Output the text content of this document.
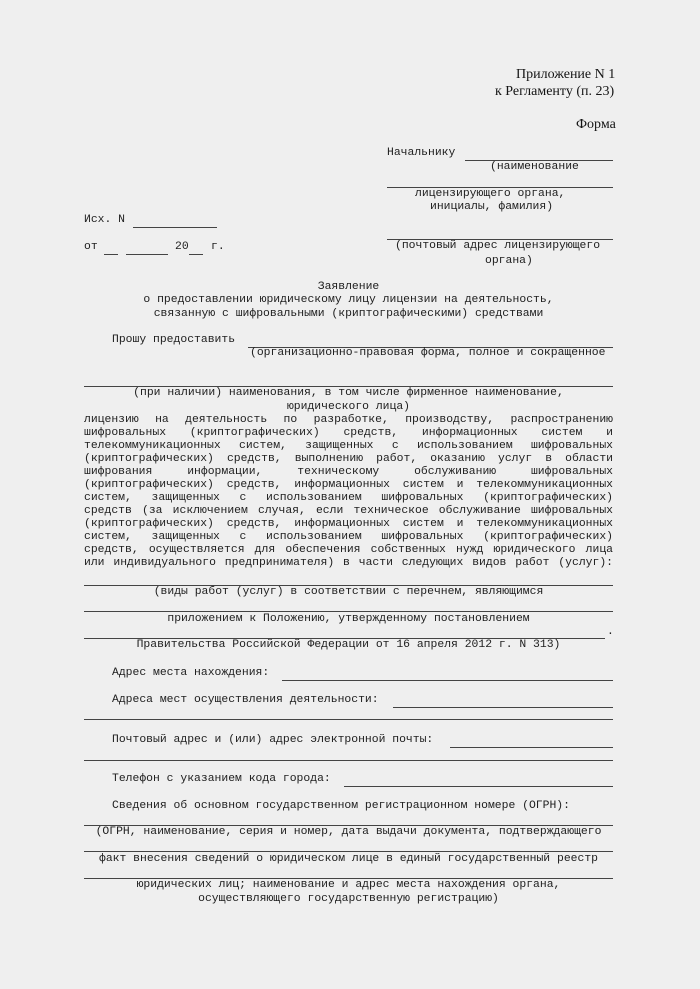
Приложение N 1
к Регламенту (п. 23)
Форма
Начальнику
(наименование
лицензирующего органа,
инициалы, фамилия)
(почтовый адрес лицензирующего
органа)
Исх. N
от	20 г.
Заявление
о предоставлении юридическому лицу лицензии на деятельность,
связанную с шифровальными (криптографическими) средствами
Прошу предоставить
(организационно-правовая форма, полное и сокращенное
(при наличии) наименования, в том числе фирменное наименование,
юридического лица)
лицензию на деятельность по разработке, производству, распространению
шифровальных (криптографических) средств, информационных систем и
телекоммуникационных систем, защищенных с использованием шифровальных
(криптографических) средств, выполнению работ, оказанию услуг в области
шифрования информации, техническому обслуживанию шифровальных
(криптографических) средств, информационных систем и телекоммуникационных
систем, защищенных с использованием шифровальных (криптографических)
средств (за исключением случая, если техническое обслуживание шифровальных
(криптографических) средств, информационных систем и телекоммуникационных
систем, защищенных с использованием шифровальных (криптографических)
средств, осуществляется для обеспечения собственных нужд юридического лица
или индивидуального предпринимателя) в части следующих видов работ (услуг):
(виды работ (услуг) в соответствии с перечнем, являющимся
приложением к Положению, утвержденному постановлением
.
Правительства Российской Федерации от 16 апреля 2012 г. N 313)
Адрес места нахождения:
Адреса мест осуществления деятельности:
Почтовый адрес и (или) адрес электронной почты:
Телефон с указанием кода города:
Сведения об основном государственном регистрационном номере (ОГРН):
(ОГРН, наименование, серия и номер, дата выдачи документа, подтверждающего
факт внесения сведений о юридическом лице в единый государственный реестр
юридических лиц; наименование и адрес места нахождения органа,
осуществляющего государственную регистрацию)
